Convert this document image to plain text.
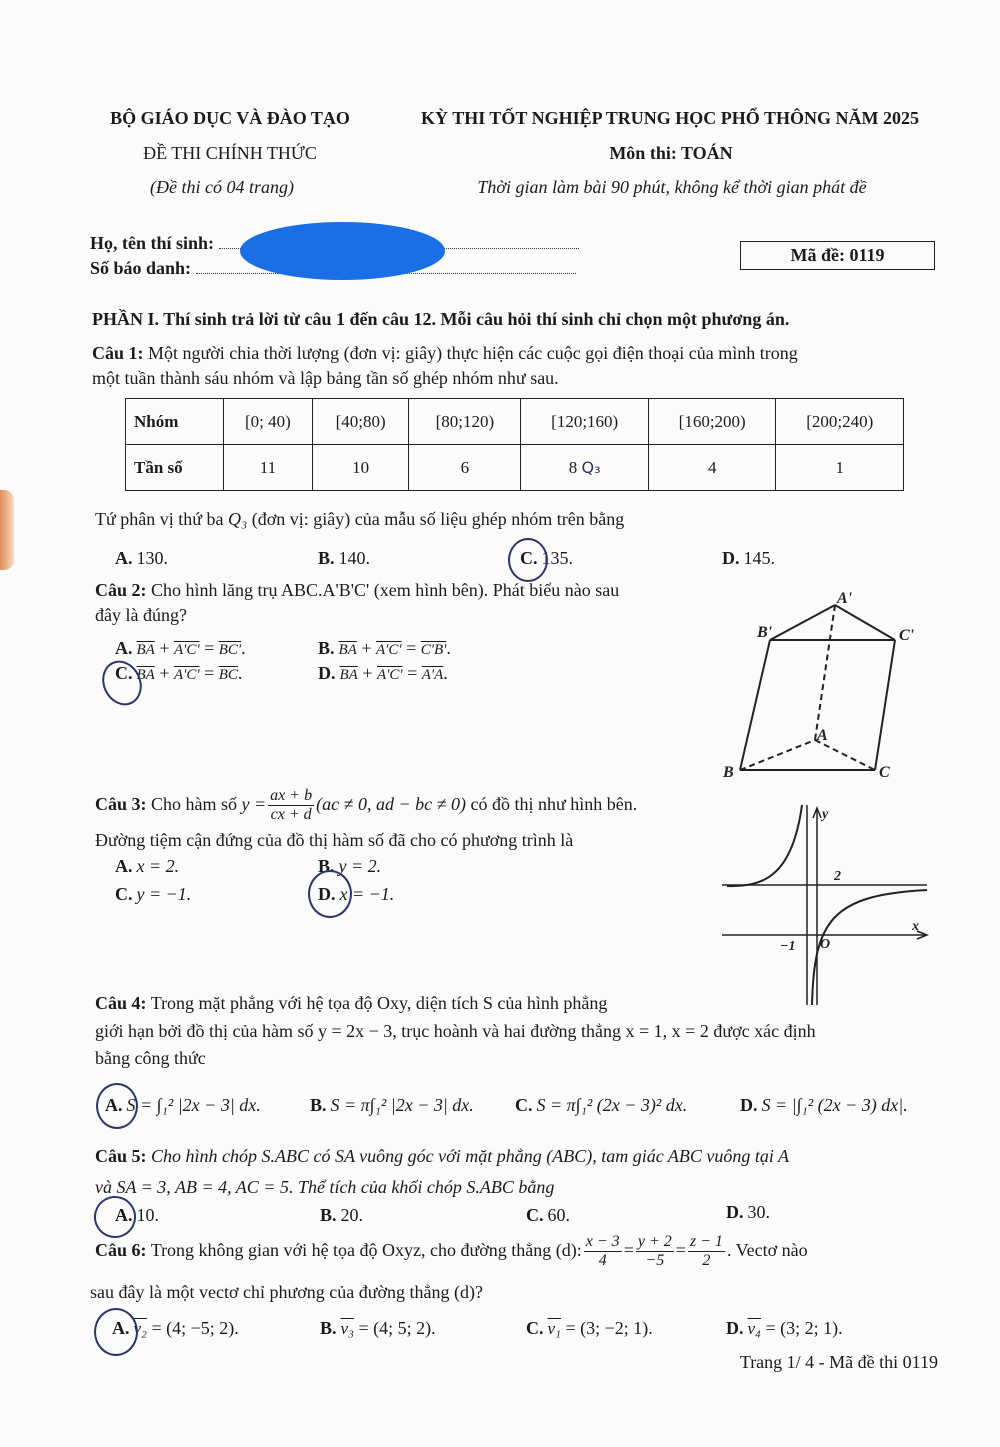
BỘ GIÁO DỤC VÀ ĐÀO TẠO	KỲ THI TỐT NGHIỆP TRUNG HỌC PHỔ THÔNG NĂM 2025
ĐỀ THI CHÍNH THỨC	Môn thi: TOÁN
(Đề thi có 04 trang)	Thời gian làm bài 90 phút, không kể thời gian phát đề
Họ, tên thí sinh:
Số báo danh:
Mã đề: 0119
PHẦN I. Thí sinh trả lời từ câu 1 đến câu 12. Mỗi câu hỏi thí sinh chỉ chọn một phương án.
Câu 1: Một người chia thời lượng (đơn vị: giây) thực hiện các cuộc gọi điện thoại của mình trong
một tuần thành sáu nhóm và lập bảng tần số ghép nhóm như sau.
Nhóm	[0; 40)	[40;80)	[80;120)	[120;160)	[160;200)	[200;240)
Tần số	11	10	6	8 Q₃	4	1
Tứ phân vị thứ ba Q₃ (đơn vị: giây) của mẫu số liệu ghép nhóm trên bằng
A. 130.	B. 140.	C. 135.	D. 145.
Câu 2: Cho hình lăng trụ ABC.A'B'C' (xem hình bên). Phát biểu nào sau
đây là đúng?
A. $\overline{BA} + A'C' = BC'$.	B. $\overline{BA} + A'C' = C'B'$.
C. $\overline{BA} + A'C' = \overline{BC}$.	D. $\overline{BA} + A'C' = A'A$.
A'
B'	C'
A
B	C
Câu 3: Cho hàm số $y = \frac{ax + b}{cx + d} (ac \ne 0$, ad − bc ≠ 0) có đồ thị như hình bên.
Đường tiệm cận đứng của đồ thị hàm số đã cho có phương trình là
A. x = 2.	B. y = 2.
C. y = −1.	D. x = −1.
y
x
2
−1 O
Câu 4: Trong mặt phẳng với hệ tọa độ Oxy, diện tích S của hình phẳng
giới hạn bởi đồ thị của hàm số y = 2x − 3, trục hoành và hai đường thẳng x = 1, x = 2 được xác định
bằng công thức
A. S = ∫₁² |2x − 3| dx.	B. S = π∫₁² |2x − 3| dx. C. S = π∫₁² (2x − 3)² dx.	D. S = |∫₁² (2x − 3) dx|.
Câu 5: Cho hình chóp S.ABC có SA vuông góc với mặt phẳng (ABC), tam giác ABC vuông tại A
và SA = 3, AB = 4, AC = 5. Thể tích của khối chóp S.ABC bằng
A. 10.	B. 20.	C. 60.	D. 30.
Câu 6: Trong không gian với hệ tọa độ Oxyz, cho đường thẳng (d): $\frac{x - 3}{4} = \frac{y + 2}{-5} = \frac{z - 1}{2}$ . Vectơ nào
sau đây là một vectơ chỉ phương của đường thẳng (d)?
A. v₂ = (4; −5; 2).	B. v₃ = (4; 5; 2).	C. v₁ = (3; −2; 1).	D. v₄ = (3; 2; 1).
Trang 1/ 4 - Mã đề thi 0119
